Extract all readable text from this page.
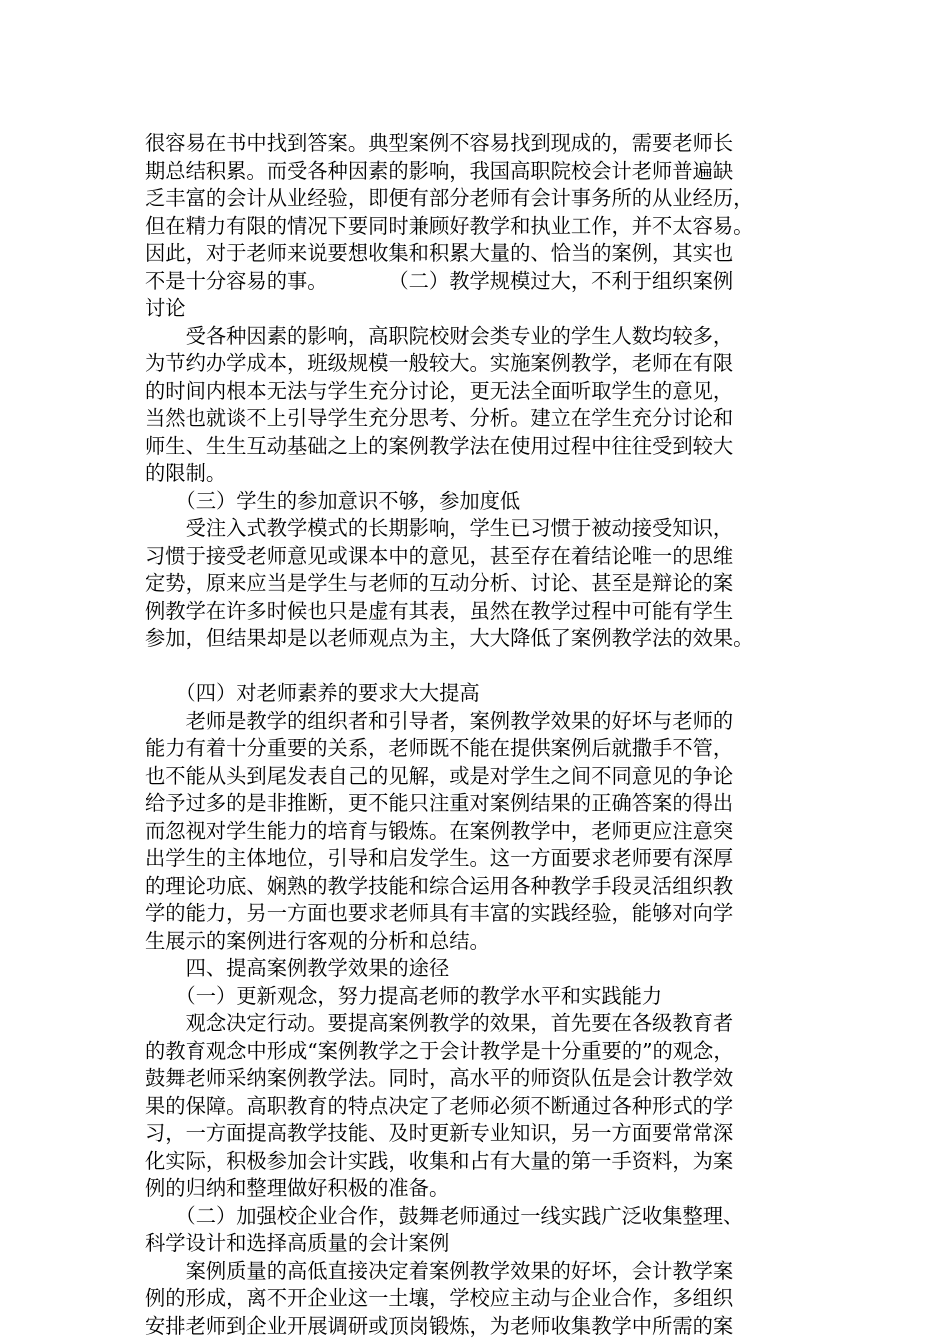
很容易在书中找到答案。典型案例不容易找到现成的，需要老师长
期总结积累。而受各种因素的影响，我国高职院校会计老师普遍缺
乏丰富的会计从业经验，即便有部分老师有会计事务所的从业经历，
但在精力有限的情况下要同时兼顾好教学和执业工作，并不太容易。
因此，对于老师来说要想收集和积累大量的、恰当的案例，其实也
不是十分容易的事。　　　　（二）教学规模过大，不利于组织案例
讨论
　　受各种因素的影响，高职院校财会类专业的学生人数均较多，
为节约办学成本，班级规模一般较大。实施案例教学，老师在有限
的时间内根本无法与学生充分讨论，更无法全面听取学生的意见，
当然也就谈不上引导学生充分思考、分析。建立在学生充分讨论和
师生、生生互动基础之上的案例教学法在使用过程中往往受到较大
的限制。
　　（三）学生的参加意识不够，参加度低
　　受注入式教学模式的长期影响，学生已习惯于被动接受知识，
习惯于接受老师意见或课本中的意见，甚至存在着结论唯一的思维
定势，原来应当是学生与老师的互动分析、讨论、甚至是辩论的案
例教学在许多时候也只是虚有其表，虽然在教学过程中可能有学生
参加，但结果却是以老师观点为主，大大降低了案例教学法的效果。
　　（四）对老师素养的要求大大提高
　　老师是教学的组织者和引导者，案例教学效果的好坏与老师的
能力有着十分重要的关系，老师既不能在提供案例后就撒手不管，
也不能从头到尾发表自己的见解，或是对学生之间不同意见的争论
给予过多的是非推断，更不能只注重对案例结果的正确答案的得出
而忽视对学生能力的培育与锻炼。在案例教学中，老师更应注意突
出学生的主体地位，引导和启发学生。这一方面要求老师要有深厚
的理论功底、娴熟的教学技能和综合运用各种教学手段灵活组织教
学的能力，另一方面也要求老师具有丰富的实践经验，能够对向学
生展示的案例进行客观的分析和总结。
　　四、提高案例教学效果的途径
　　（一）更新观念，努力提高老师的教学水平和实践能力
　　观念决定行动。要提高案例教学的效果，首先要在各级教育者
的教育观念中形成“案例教学之于会计教学是十分重要的”的观念，
鼓舞老师采纳案例教学法。同时，高水平的师资队伍是会计教学效
果的保障。高职教育的特点决定了老师必须不断通过各种形式的学
习，一方面提高教学技能、及时更新专业知识，另一方面要常常深
化实际，积极参加会计实践，收集和占有大量的第一手资料，为案
例的归纳和整理做好积极的准备。
　　（二）加强校企业合作，鼓舞老师通过一线实践广泛收集整理、
科学设计和选择高质量的会计案例
　　案例质量的高低直接决定着案例教学效果的好坏，会计教学案
例的形成，离不开企业这一土壤，学校应主动与企业合作，多组织
安排老师到企业开展调研或顶岗锻炼，为老师收集教学中所需的案
